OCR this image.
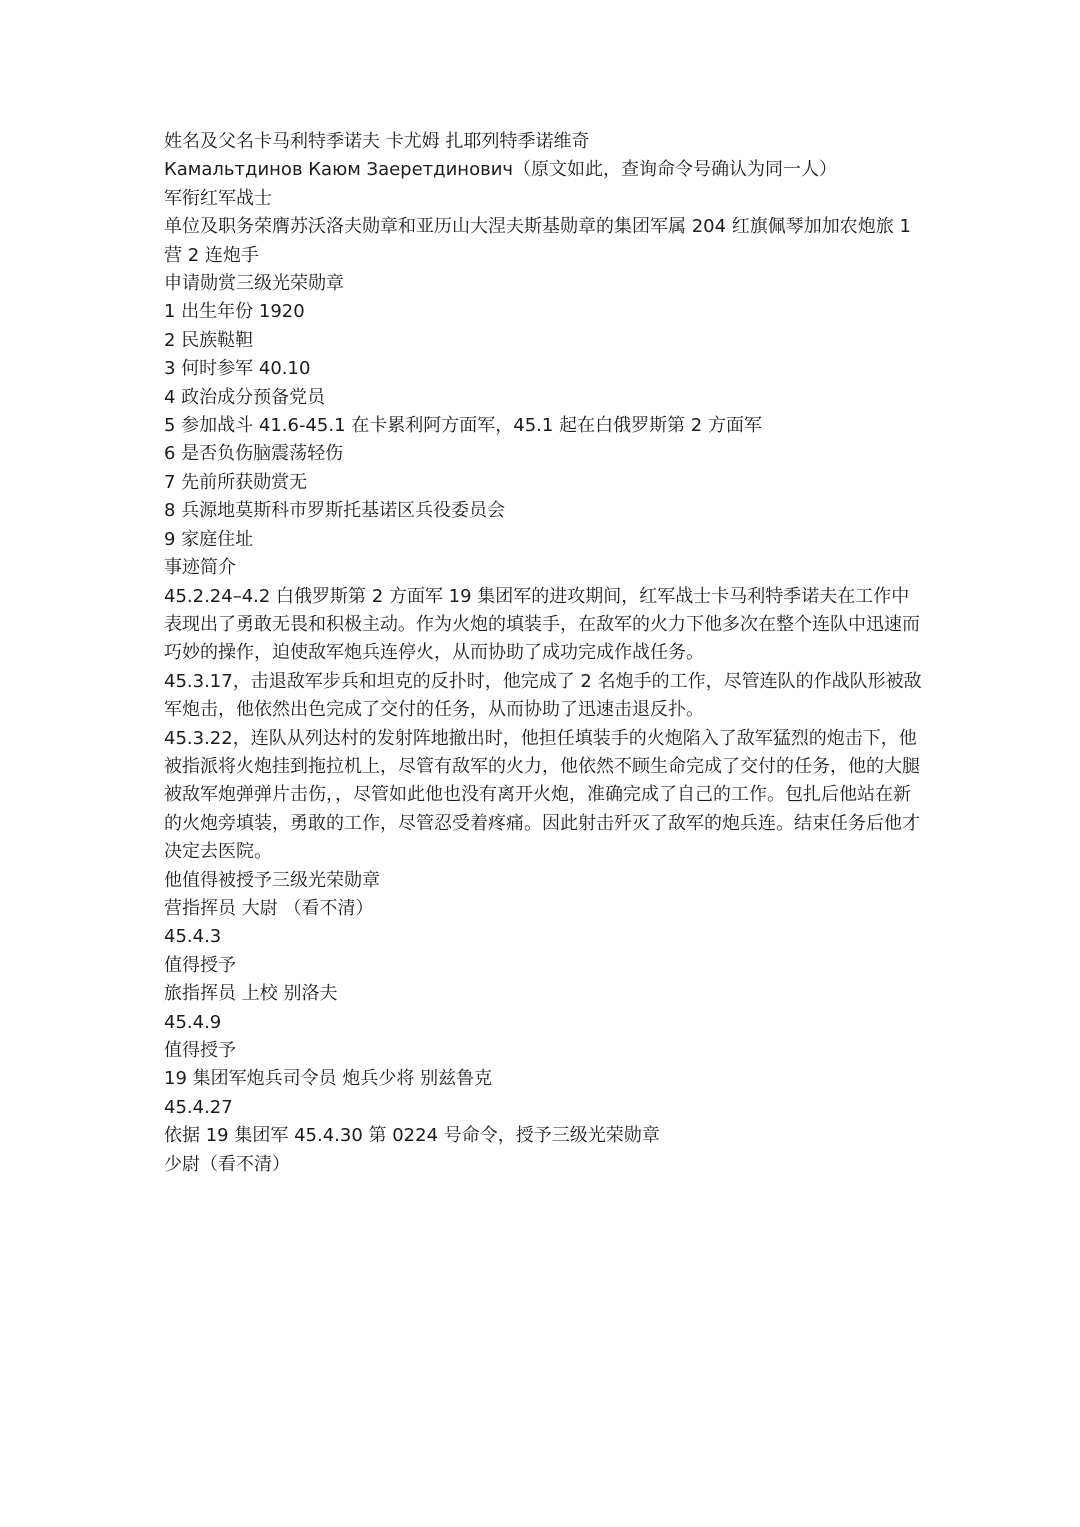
姓名及父名卡马利特季诺夫 卡尤姆 扎耶列特季诺维奇
Камальтдинов Каюм Заеретдинович（原文如此，查询命令号确认为同一人）
军衔红军战士
单位及职务荣膺苏沃洛夫勋章和亚历山大涅夫斯基勋章的集团军属 204 红旗佩琴加加农炮旅 1 营 2 连炮手
申请勋赏三级光荣勋章
1 出生年份 1920
2 民族鞑靼
3 何时参军 40.10
4 政治成分预备党员
5 参加战斗 41.6-45.1 在卡累利阿方面军，45.1 起在白俄罗斯第 2 方面军
6 是否负伤脑震荡轻伤
7 先前所获勋赏无
8 兵源地莫斯科市罗斯托基诺区兵役委员会
9 家庭住址
事迹简介
45.2.24–4.2 白俄罗斯第 2 方面军 19 集团军的进攻期间，红军战士卡马利特季诺夫在工作中表现出了勇敢无畏和积极主动。作为火炮的填装手，在敌军的火力下他多次在整个连队中迅速而巧妙的操作，迫使敌军炮兵连停火，从而协助了成功完成作战任务。
45.3.17，击退敌军步兵和坦克的反扑时，他完成了 2 名炮手的工作，尽管连队的作战队形被敌军炮击，他依然出色完成了交付的任务，从而协助了迅速击退反扑。
45.3.22，连队从列达村的发射阵地撤出时，他担任填装手的火炮陷入了敌军猛烈的炮击下，他被指派将火炮挂到拖拉机上，尽管有敌军的火力，他依然不顾生命完成了交付的任务，他的大腿被敌军炮弹弹片击伤，，尽管如此他也没有离开火炮，准确完成了自己的工作。包扎后他站在新的火炮旁填装，勇敢的工作，尽管忍受着疼痛。因此射击歼灭了敌军的炮兵连。结束任务后他才决定去医院。
他值得被授予三级光荣勋章
营指挥员 大尉 （看不清）
45.4.3
值得授予
旅指挥员 上校 别洛夫
45.4.9
值得授予
19 集团军炮兵司令员 炮兵少将 别兹鲁克
45.4.27
依据 19 集团军 45.4.30 第 0224 号命令，授予三级光荣勋章
少尉（看不清）
